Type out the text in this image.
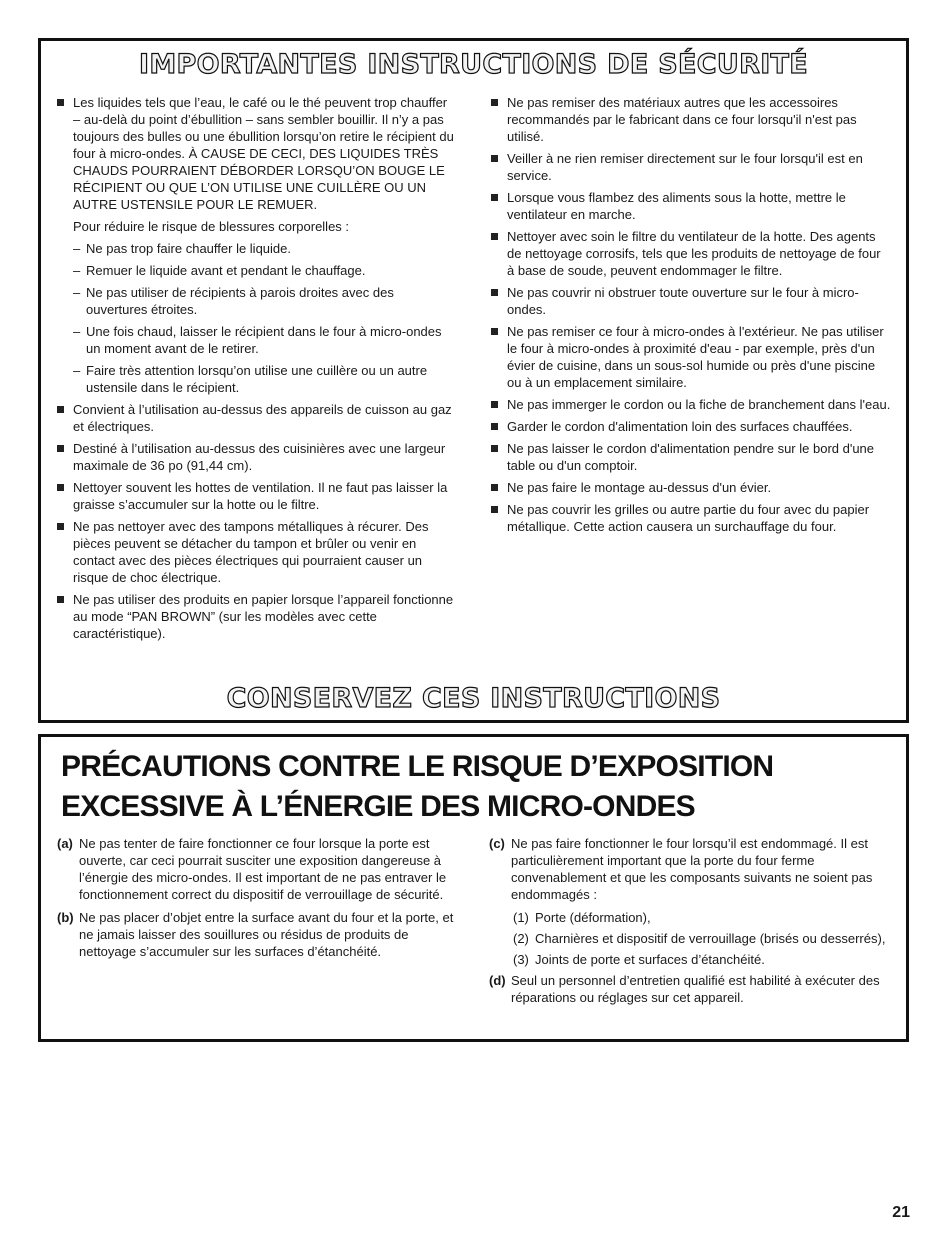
IMPORTANTES INSTRUCTIONS DE SÉCURITÉ
Les liquides tels que l’eau, le café ou le thé peuvent trop chauffer – au-delà du point d’ébullition – sans sembler bouillir. Il n’y a pas toujours des bulles ou une ébullition lorsqu’on retire le récipient du four à micro-ondes. À CAUSE DE CECI, DES LIQUIDES TRÈS CHAUDS POURRAIENT DÉBORDER LORSQU’ON BOUGE LE RÉCIPIENT OU QUE L’ON UTILISE UNE CUILLÈRE OU UN AUTRE USTENSILE POUR LE REMUER.
Pour réduire le risque de blessures corporelles :
– Ne pas trop faire chauffer le liquide.
– Remuer le liquide avant et pendant le chauffage.
– Ne pas utiliser de récipients à parois droites avec des ouvertures étroites.
– Une fois chaud, laisser le récipient dans le four à micro-ondes un moment avant de le retirer.
– Faire très attention lorsqu’on utilise une cuillère ou un autre ustensile dans le récipient.
Convient à l’utilisation au-dessus des appareils de cuisson au gaz et électriques.
Destiné à l’utilisation au-dessus des cuisinières avec une largeur maximale de 36 po (91,44 cm).
Nettoyer souvent les hottes de ventilation. Il ne faut pas laisser la graisse s’accumuler sur la hotte ou le filtre.
Ne pas nettoyer avec des tampons métalliques à récurer. Des pièces peuvent se détacher du tampon et brûler ou venir en contact avec des pièces électriques qui pourraient causer un risque de choc électrique.
Ne pas utiliser des produits en papier lorsque l’appareil fonctionne au mode “PAN BROWN” (sur les modèles avec cette caractéristique).
Ne pas remiser des matériaux autres que les accessoires recommandés par le fabricant dans ce four lorsqu'il n'est pas utilisé.
Veiller à ne rien remiser directement sur le four lorsqu'il est en service.
Lorsque vous flambez des aliments sous la hotte, mettre le ventilateur en marche.
Nettoyer avec soin le filtre du ventilateur de la hotte. Des agents de nettoyage corrosifs, tels que les produits de nettoyage de four à base de soude, peuvent endommager le filtre.
Ne pas couvrir ni obstruer toute ouverture sur le four à micro-ondes.
Ne pas remiser ce four à micro-ondes à l'extérieur. Ne pas utiliser le four à micro-ondes à proximité d'eau - par exemple, près d'un évier de cuisine, dans un sous-sol humide ou près d'une piscine ou à un emplacement similaire.
Ne pas immerger le cordon ou la fiche de branchement dans l'eau.
Garder le cordon d'alimentation loin des surfaces chauffées.
Ne pas laisser le cordon d'alimentation pendre sur le bord d'une table ou d'un comptoir.
Ne pas faire le montage au-dessus d'un évier.
Ne pas couvrir les grilles ou autre partie du four avec du papier métallique. Cette action causera un surchauffage du four.
CONSERVEZ CES INSTRUCTIONS
PRÉCAUTIONS CONTRE LE RISQUE D’EXPOSITION
EXCESSIVE À L’ÉNERGIE DES MICRO-ONDES
(a) Ne pas tenter de faire fonctionner ce four lorsque la porte est ouverte, car ceci pourrait susciter une exposition dangereuse à l’énergie des micro-ondes. Il est important de ne pas entraver le fonctionnement correct du dispositif de verrouillage de sécurité.
(b) Ne pas placer d’objet entre la surface avant du four et la porte, et ne jamais laisser des souillures ou résidus de produits de nettoyage s’accumuler sur les surfaces d’étanchéité.
(c) Ne pas faire fonctionner le four lorsqu’il est endommagé. Il est particulièrement important que la porte du four ferme convenablement et que les composants suivants ne soient pas endommagés :
(1) Porte (déformation),
(2) Charnières et dispositif de verrouillage (brisés ou desserrés),
(3) Joints de porte et surfaces d’étanchéité.
(d) Seul un personnel d’entretien qualifié est habilité à exécuter des réparations ou réglages sur cet appareil.
21
